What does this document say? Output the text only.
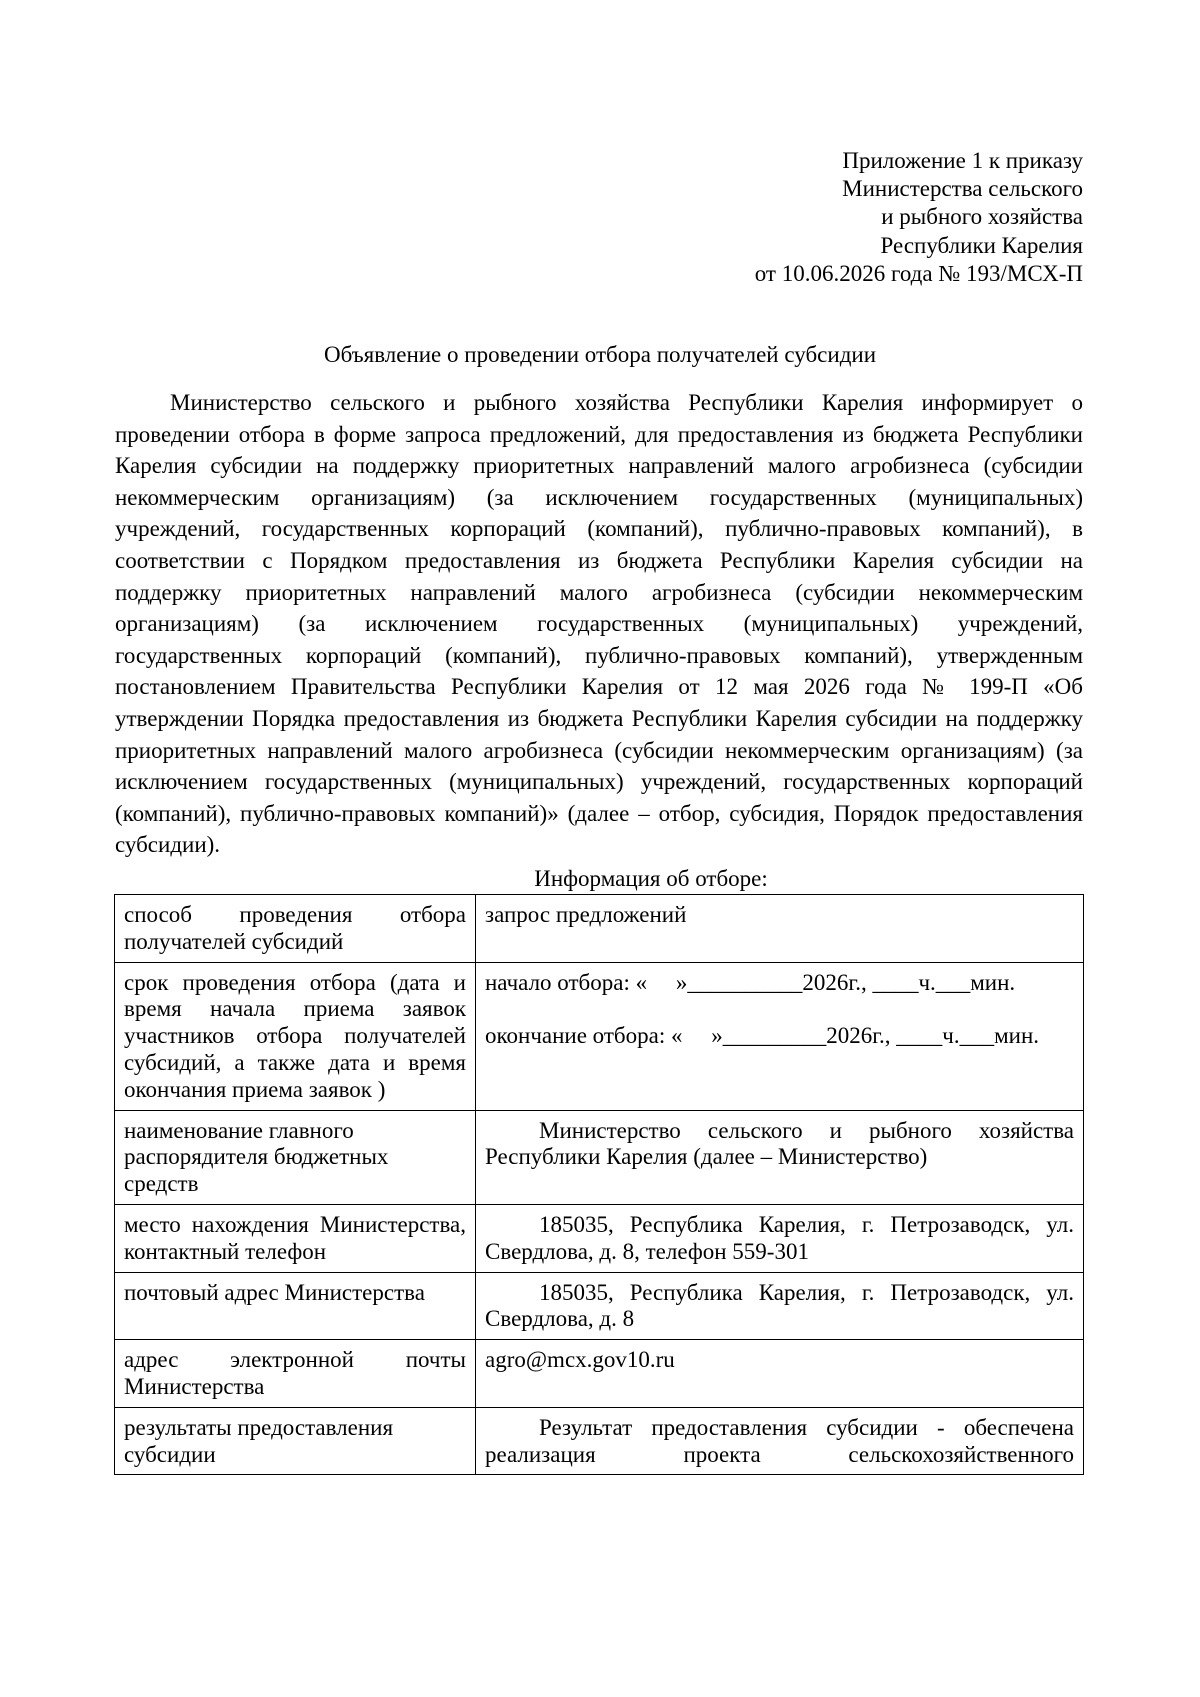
Приложение 1 к приказу
Министерства сельского
и рыбного хозяйства
Республики Карелия
от 10.06.2026 года № 193/МСХ-П
Объявление о проведении отбора получателей субсидии

Министерство сельского и рыбного хозяйства Республики Карелия информирует о проведении отбора в форме запроса предложений, для предоставления из бюджета Республики Карелия субсидии на поддержку приоритетных направлений малого агробизнеса (субсидии некоммерческим организациям) (за исключением государственных (муниципальных) учреждений, государственных корпораций (компаний), публично-правовых компаний), в соответствии с Порядком предоставления из бюджета Республики Карелия субсидии на поддержку приоритетных направлений малого агробизнеса (субсидии некоммерческим организациям) (за исключением государственных (муниципальных) учреждений, государственных корпораций (компаний), публично-правовых компаний), утвержденным постановлением Правительства Республики Карелия от 12 мая 2026 года № 199-П «Об утверждении Порядка предоставления из бюджета Республики Карелия субсидии на поддержку приоритетных направлений малого агробизнеса (субсидии некоммерческим организациям) (за исключением государственных (муниципальных) учреждений, государственных корпораций (компаний), публично-правовых компаний)» (далее – отбор, субсидия, Порядок предоставления субсидии).

Информация об отборе:
способ проведения отбора получателей субсидий	запрос предложений
срок проведения отбора (дата и время начала приема заявок участников отбора получателей субсидий, а также дата и время окончания приема заявок )	начало отбора: «     »__________2026г., ____ч.___мин.
окончание отбора: «     »_________2026г., ____ч.___мин.

наименование главного распорядителя бюджетных средств	Министерство сельского и рыбного хозяйства Республики Карелия (далее – Министерство)
место нахождения Министерства, контактный телефон	185035, Республика Карелия, г. Петрозаводск, ул. Свердлова, д. 8, телефон 559-301
почтовый адрес Министерства	185035, Республика Карелия, г. Петрозаводск, ул. Свердлова, д. 8
адрес электронной почты Министерства	agro@mcx.gov10.ru
результаты предоставления субсидии	Результат предоставления субсидии - обеспечена реализация проекта сельскохозяйственного
